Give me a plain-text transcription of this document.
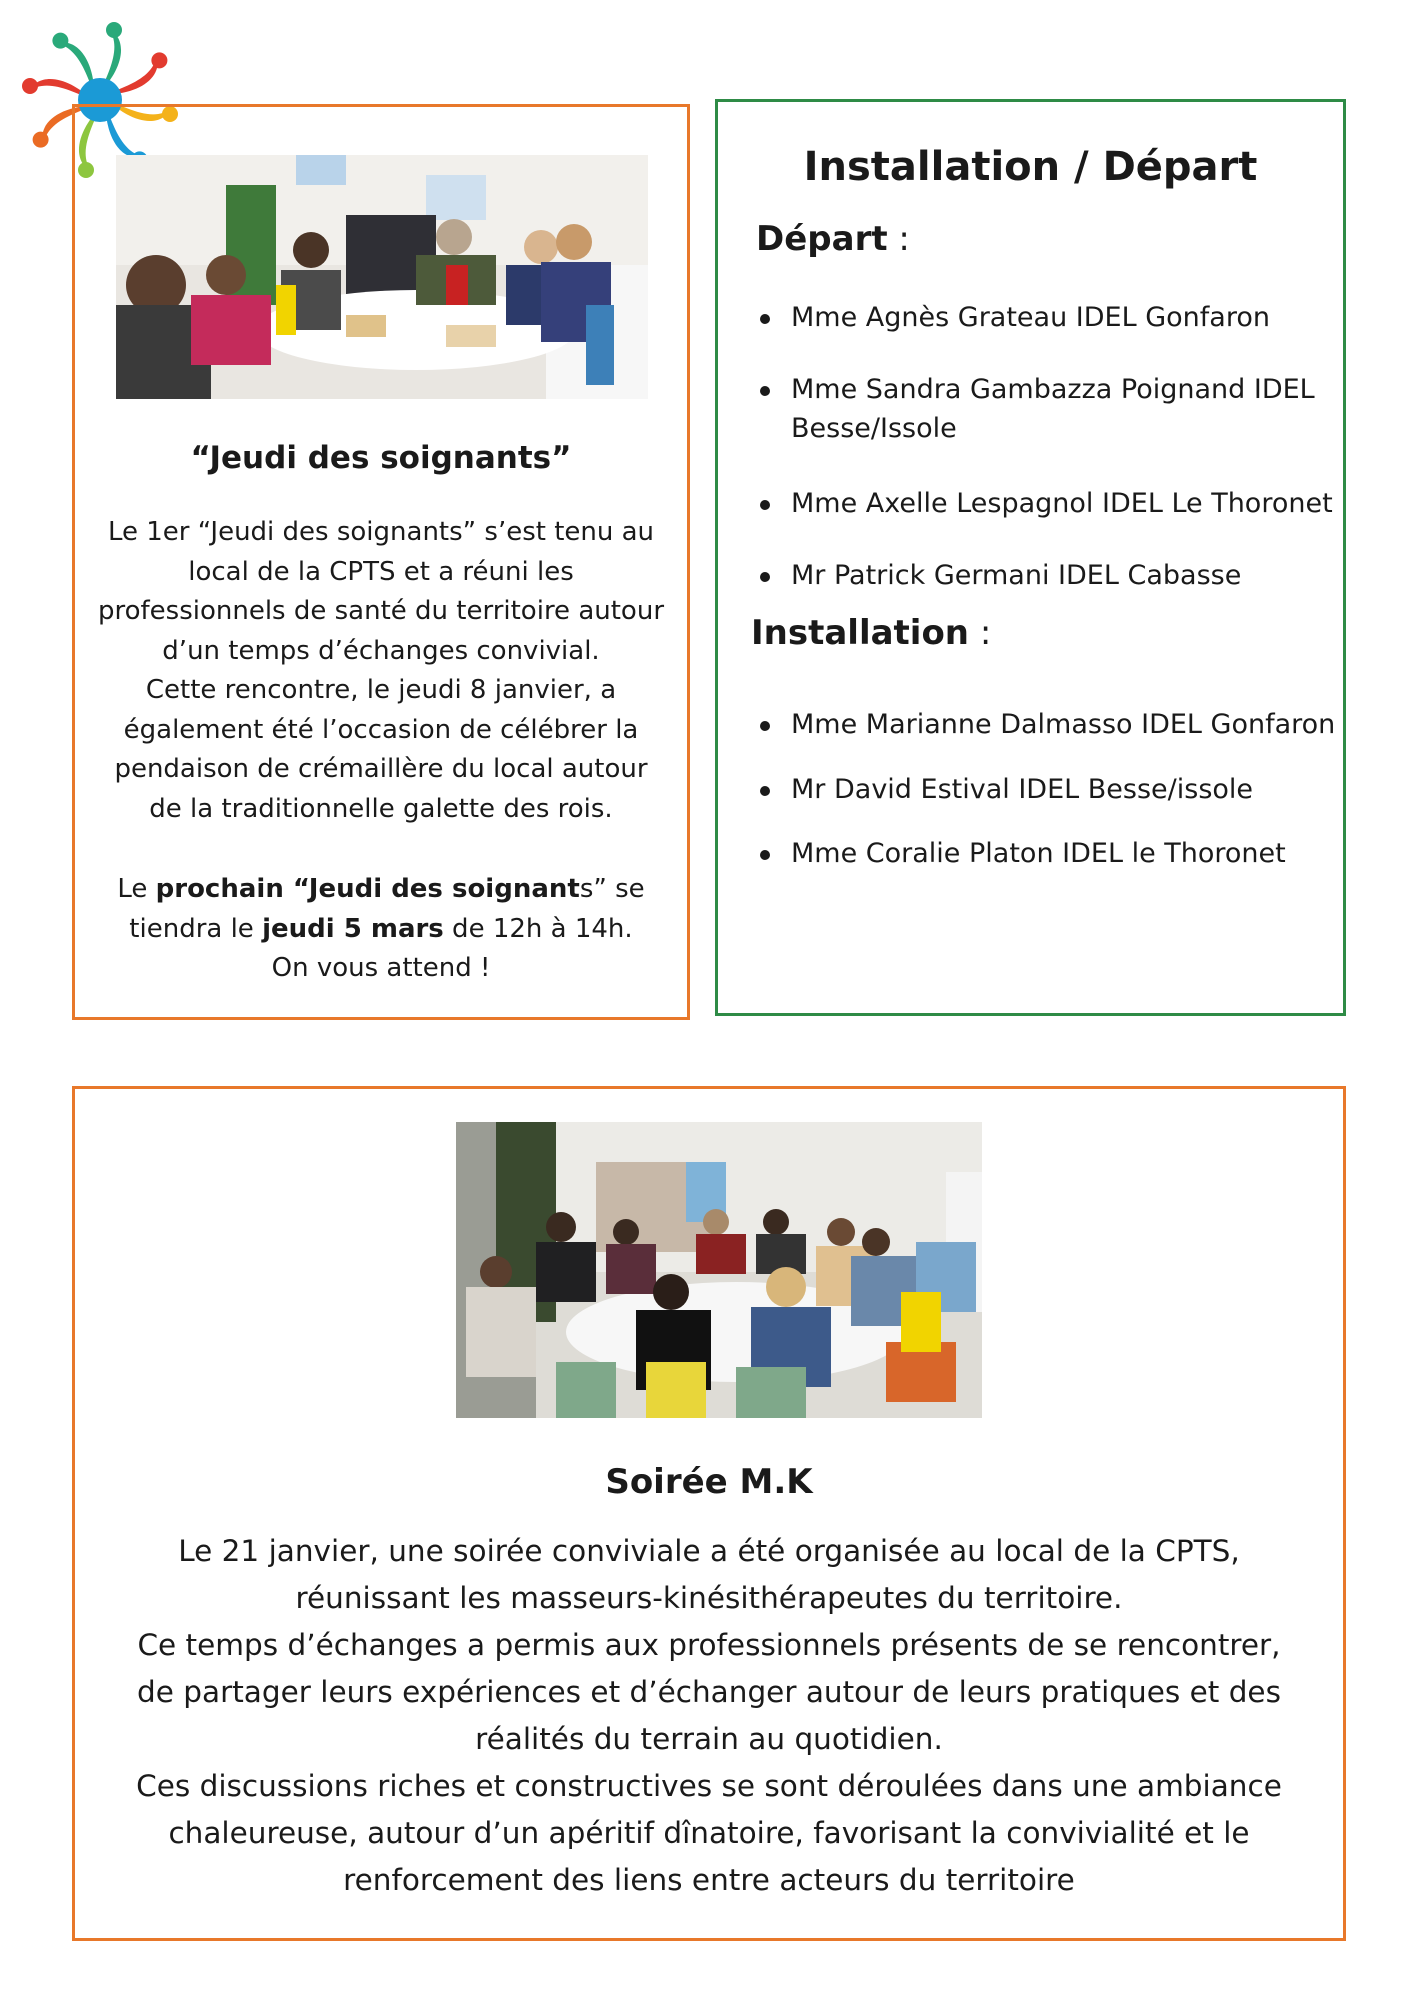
“Jeudi des soignants”

Le 1er “Jeudi des soignants” s’est tenu au

local de la CPTS et a réuni les

professionnels de santé du territoire autour

d’un temps d’échanges convivial.

Cette rencontre, le jeudi 8 janvier, a

également été l’occasion de célébrer la

pendaison de crémaillère du local autour

de la traditionnelle galette des rois.

Le prochain “Jeudi des soignants” se

tiendra le jeudi 5 mars de 12h à 14h.

On vous attend !

Installation / Départ
Départ :
Mme Agnès Grateau IDEL Gonfaron
Mme Sandra Gambazza Poignand IDEL Besse/Issole
Mme Axelle Lespagnol IDEL Le Thoronet
Mr Patrick Germani IDEL Cabasse
Installation :
Mme Marianne Dalmasso IDEL Gonfaron
Mr David Estival IDEL Besse/issole
Mme Coralie Platon IDEL le Thoronet
Soirée M.K

Le 21 janvier, une soirée conviviale a été organisée au local de la CPTS,

réunissant les masseurs-kinésithérapeutes du territoire.

Ce temps d’échanges a permis aux professionnels présents de se rencontrer,

de partager leurs expériences et d’échanger autour de leurs pratiques et des

réalités du terrain au quotidien.

Ces discussions riches et constructives se sont déroulées dans une ambiance

chaleureuse, autour d’un apéritif dînatoire, favorisant la convivialité et le

renforcement des liens entre acteurs du territoire
